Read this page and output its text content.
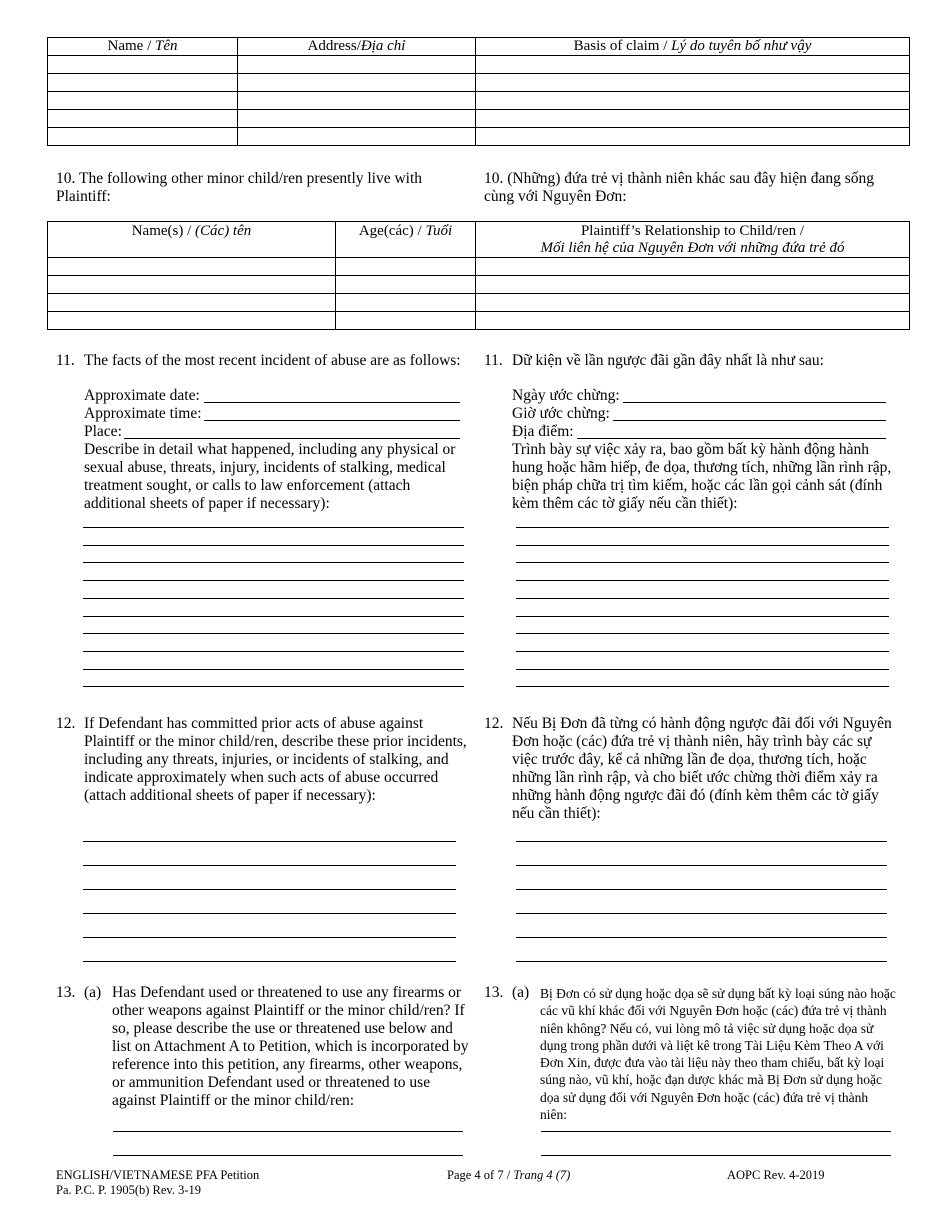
Name / Tên	Address/Địa chỉ	Basis of claim / Lý do tuyên bố như vậy

10. The following other minor child/ren presently live with Plaintiff:
10. (Những) đứa trẻ vị thành niên khác sau đây hiện đang sống cùng với Nguyên Đơn:
Name(s) / (Các) tên	Age(các) / Tuổi	Plaintiff’s Relationship to Child/ren /
Mối liên hệ của Nguyên Đơn với những đứa trẻ đó

11. The facts of the most recent incident of abuse are as follows:
Approximate date:
Approximate time:
Place:
Describe in detail what happened, including any physical or sexual abuse, threats, injury, incidents of stalking, medical treatment sought, or calls to law enforcement (attach additional sheets of paper if necessary):
11. Dữ kiện về lần ngược đãi gần đây nhất là như sau:
Ngày ước chừng:
Giờ ước chừng:
Địa điểm:
Trình bày sự việc xảy ra, bao gồm bất kỳ hành động hành hung hoặc hãm hiếp, đe dọa, thương tích, những lần rình rập, biện pháp chữa trị tìm kiếm, hoặc các lần gọi cảnh sát (đính kèm thêm các tờ giấy nếu cần thiết):
12. If Defendant has committed prior acts of abuse against Plaintiff or the minor child/ren, describe these prior incidents, including any threats, injuries, or incidents of stalking, and indicate approximately when such acts of abuse occurred (attach additional sheets of paper if necessary):
12. Nếu Bị Đơn đã từng có hành động ngược đãi đối với Nguyên Đơn hoặc (các) đứa trẻ vị thành niên, hãy trình bày các sự việc trước đây, kể cả những lần đe dọa, thương tích, hoặc những lần rình rập, và cho biết ước chừng thời điểm xảy ra những hành động ngược đãi đó (đính kèm thêm các tờ giấy nếu cần thiết):
13. (a) Has Defendant used or threatened to use any firearms or other weapons against Plaintiff or the minor child/ren? If so, please describe the use or threatened use below and list on Attachment A to Petition, which is incorporated by reference into this petition, any firearms, other weapons, or ammunition Defendant used or threatened to use against Plaintiff or the minor child/ren:
13. (a) Bị Đơn có sử dụng hoặc dọa sẽ sử dụng bất kỳ loại súng nào hoặc các vũ khí khác đối với Nguyên Đơn hoặc (các) đứa trẻ vị thành niên không? Nếu có, vui lòng mô tả việc sử dụng hoặc dọa sử dụng trong phần dưới và liệt kê trong Tài Liệu Kèm Theo A với Đơn Xin, được đưa vào tài liệu này theo tham chiếu, bất kỳ loại súng nào, vũ khí, hoặc đạn dược khác mà Bị Đơn sử dụng hoặc dọa sử dụng đối với Nguyên Đơn hoặc (các) đứa trẻ vị thành niên:
ENGLISH/VIETNAMESE PFA Petition
Pa. P.C. P. 1905(b) Rev. 3-19
Page 4 of 7 / Trang 4 (7)	AOPC Rev. 4-2019
